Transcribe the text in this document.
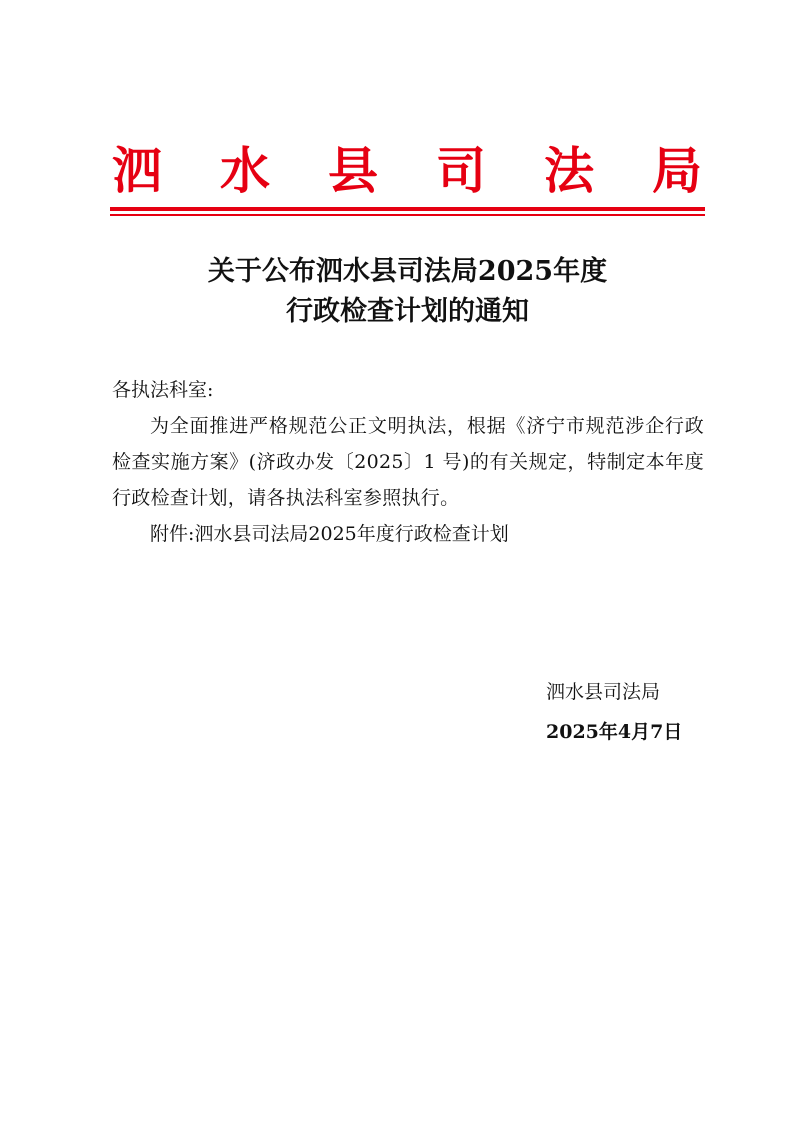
泗 水 县 司 法 局
关于公布泗水县司法局2025年度
行政检查计划的通知

各执法科室:

为全面推进严格规范公正文明执法，根据《济宁市规范涉企行政检查实施方案》(济政办发〔2025〕1 号)的有关规定，特制定本年度行政检查计划，请各执法科室参照执行。

附件:泗水县司法局2025年度行政检查计划

泗水县司法局
2025年4月7日
